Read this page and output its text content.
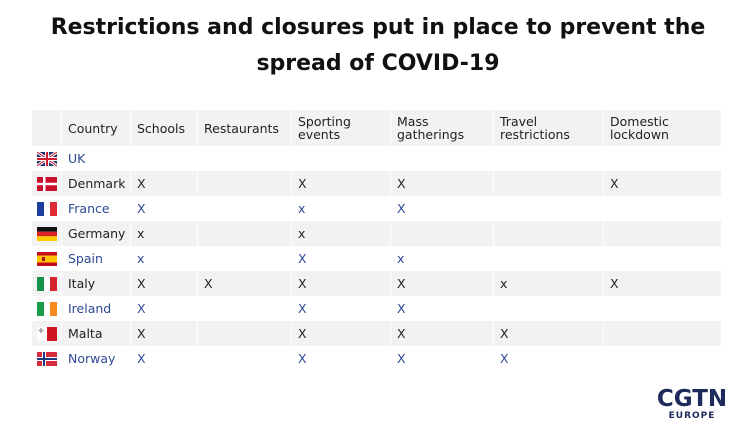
Restrictions and closures put in place to prevent the
spread of COVID-19
	Country	Schools	Restaurants	Sporting events	Mass gatherings	Travel restrictions	Domestic lockdown

	UK						

	Denmark	X		X	X		X

	France	X		x	X		

	Germany	x		x			

	Spain	x		X	x		

	Italy	X	X	X	X	x	X

	Ireland	X		X	X		

	Malta	X		X	X	X	

	Norway	X		X	X	X	
CGTN
EUROPE
